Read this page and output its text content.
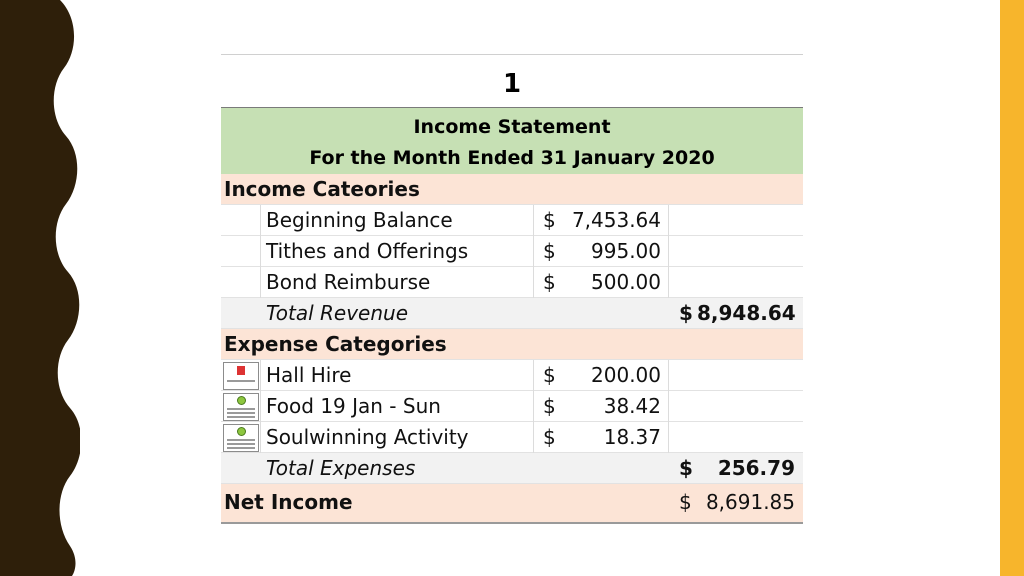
1
Income Statement
For the Month Ended 31 January 2020
Income Cateories
Beginning Balance	$ 7,453.64
Tithes and Offerings	$	995.00
Bond Reimburse	$	500.00
Total Revenue	$ 8,948.64
Expense Categories
Hall Hire	$	200.00
Food 19 Jan - Sun	$	38.42
Soulwinning Activity	$	18.37
Total Expenses	$	256.79
Net Income	$ 8,691.85
